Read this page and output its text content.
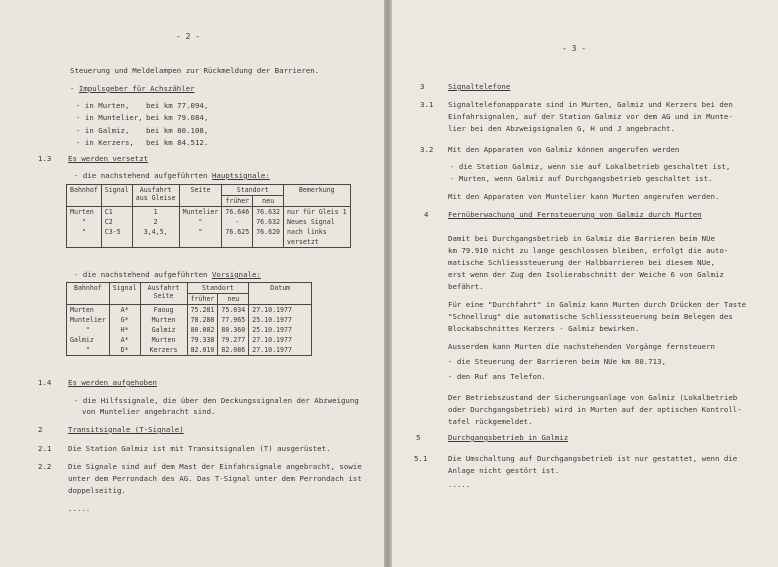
- 2 -
Steuerung und Meldelampen zur Rückmeldung der Barrieren.
- Impulsgeber für Achszähler
- in Murten, bei km 77.094,
- in Muntelier, bei km 79.084,
- in Galmiz, bei km 80.108,
- in Kerzers, bei km 84.512.
1.3 Es werden versetzt
- die nachstehend aufgeführten Hauptsignale:
Bahnhof	Signal	Ausfahrt aus Gleise	Seite	Standort		Bemerkung
				früher	neu	
Murten	C1	1	Muntelier	76.646	76.632	nur für Gleis 1
"	C2	2	"	-	76.632	Neues Signal
"	C3-5	3,4,5,	"	76.625	76.620	nach links
						versetzt
- die nachstehend aufgeführten Vorsignale:
Bahnhof	Signal	Ausfahrt Seite	Standort		Datum
			früher	neu	
Murten	A*	Faoug	75.281	75.034	27.10.1977
Muntelier	G*	Murten	78.288	77.965	25.10.1977
"	H*	Galmiz	80.082	80.360	25.10.1977
Galmiz	A*	Murten	79.338	79.277	27.10.1977
"	D*	Kerzers	82.010	82.086	27.10.1977
1.4 Es werden aufgehoben
- die Hilfssignale, die über den Deckungssignalen der Abzweigung
von Muntelier angebracht sind.
2	Transitsignale (T-Signale)
2.1 Die Station Galmiz ist mit Transitsignalen (T) ausgerüstet.
2.2 Die Signale sind auf dem Mast der Einfahrsignale angebracht, sowie
unter dem Perrondach des AG. Das T-Signal unter dem Perrondach ist
doppelseitig.
.....
- 3 -
3	Signaltelefone
3.1 Signaltelefonapparate sind in Murten, Galmiz und Kerzers bei den
Einfahrsignalen, auf der Station Galmiz vor dem AG und in Munte-
lier bei den Abzweigsignalen G, H und J angebracht.
3.2 Mit den Apparaten von Galmiz können angerufen werden
- die Station Galmiz, wenn sie auf Lokalbetrieb geschaltet ist,
- Murten, wenn Galmiz auf Durchgangsbetrieb geschaltet ist.
Mit den Apparaten von Muntelier kann Murten angerufen werden.
4	Fernüberwachung und Fernsteuerung von Galmiz durch Murten
Damit bei Durchgangsbetrieb in Galmiz die Barrieren beim NUe
km 79.910 nicht zu lange geschlossen bleiben, erfolgt die auto-
matische Schliesssteuerung der Halbbarrieren bei diesem NUe,
erst wenn der Zug den Isolierabschnitt der Weiche 6 von Galmiz
befährt.
Für eine "Durchfahrt" in Galmiz kann Murten durch Drücken der Taste
"Schnellzug" die automatische Schliesssteuerung beim Belegen des
Blockabschnittes Kerzers - Galmiz bewirken.
Ausserdem kann Murten die nachstehenden Vorgänge fernsteuern
- die Steuerung der Barrieren beim NUe km 80.713,
- den Ruf ans Telefon.
Der Betriebszustand der Sicherungsanlage von Galmiz (Lokalbetrieb
oder Durchgangsbetrieb) wird in Murten auf der optischen Kontroll-
tafel rückgemeldet.
5	Durchgangsbetrieb in Galmiz
5.1	Die Umschaltung auf Durchgangsbetrieb ist nur gestattet, wenn die
Anlage nicht gestört ist.
.....
